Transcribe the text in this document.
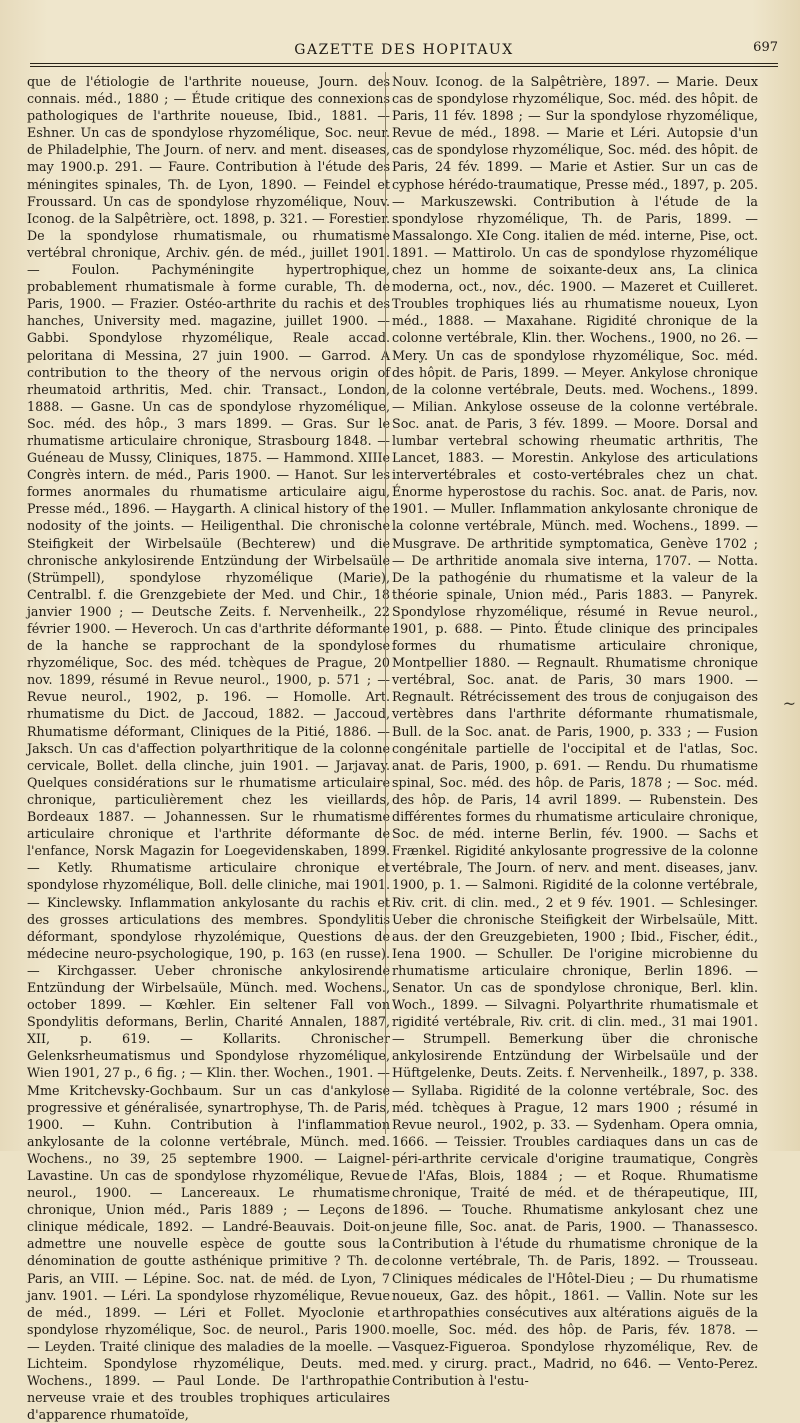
GAZETTE DES HOPITAUX	697

que de l'étiologie de l'arthrite noueuse, Journ. des connais. méd., 1880 ; — Étude critique des connexions pathologiques de l'arthrite noueuse, Ibid., 1881. — Eshner. Un cas de spondylose rhyzomélique, Soc. neur. de Philadelphie, The Journ. of nerv. and ment. diseases, may 1900.p. 291. — Faure. Contribution à l'étude des méningites spinales, Th. de Lyon, 1890. — Feindel et Froussard. Un cas de spondylose rhyzomélique, Nouv. Iconog. de la Salpêtrière, oct. 1898, p. 321. — Forestier. De la spondylose rhumatismale, ou rhumatisme vertébral chronique, Archiv. gén. de méd., juillet 1901. — Foulon. Pachyméningite hypertrophique, probablement rhumatismale à forme curable, Th. de Paris, 1900. — Frazier. Ostéo-arthrite du rachis et des hanches, University med. magazine, juillet 1900. — Gabbi. Spondylose rhyzomélique, Reale accad. peloritana di Messina, 27 juin 1900. — Garrod. A contribution to the theory of the nervous origin of rheumatoid arthritis, Med. chir. Transact., London, 1888. — Gasne. Un cas de spondylose rhyzomélique, Soc. méd. des hôp., 3 mars 1899. — Gras. Sur le rhumatisme articulaire chronique, Strasbourg 1848. — Guéneau de Mussy, Cliniques, 1875. — Hammond. XIIIe Congrès intern. de méd., Paris 1900. — Hanot. Sur les formes anormales du rhumatisme articulaire aigu, Presse méd., 1896. — Haygarth. A clinical history of the nodosity of the joints. — Heiligenthal. Die chronische Steifigkeit der Wirbelsaüle (Bechterew) und die chronische ankylosirende Entzündung der Wirbelsaüle (Strümpell), spondylose rhyzomélique (Marie), Centralbl. f. die Grenzgebiete der Med. und Chir., 18 janvier 1900 ; — Deutsche Zeits. f. Nervenheilk., 22 février 1900. — Heveroch. Un cas d'arthrite déformante de la hanche se rapprochant de la spondylose rhyzomélique, Soc. des méd. tchèques de Prague, 20 nov. 1899, résumé in Revue neurol., 1900, p. 571 ; — Revue neurol., 1902, p. 196. — Homolle. Art. rhumatisme du Dict. de Jaccoud, 1882. — Jaccoud, Rhumatisme déformant, Cliniques de la Pitié, 1886. — Jaksch. Un cas d'affection polyarthritique de la colonne cervicale, Bollet. della clinche, juin 1901. — Jarjavay. Quelques considérations sur le rhumatisme articulaire chronique, particulièrement chez les vieillards, Bordeaux 1887. — Johannessen. Sur le rhumatisme articulaire chronique et l'arthrite déformante de l'enfance, Norsk Magazin for Loegevidenskaben, 1899. — Ketly. Rhumatisme articulaire chronique et spondylose rhyzomélique, Boll. delle cliniche, mai 1901. — Kinclewsky. Inflammation ankylosante du rachis et des grosses articulations des membres. Spondylitis déformant, spondylose rhyzolémique, Questions de médecine neuro-psychologique, 190, p. 163 (en russe). — Kirchgasser. Ueber chronische ankylosirende Entzündung der Wirbelsaüle, Münch. med. Wochens., october 1899. — Kœhler. Ein seltener Fall von Spondylitis deformans, Berlin, Charité Annalen, 1887, XII, p. 619. — Kollarits. Chronischer Gelenksrheumatismus und Spondylose rhyzomélique, Wien 1901, 27 p., 6 fig. ; — Klin. ther. Wochen., 1901. — Mme Kritchevsky-Gochbaum. Sur un cas d'ankylose progressive et généralisée, synartrophyse, Th. de Paris, 1900. — Kuhn. Contribution à l'inflammation ankylosante de la colonne vertébrale, Münch. med. Wochens., no 39, 25 septembre 1900. — Laignel-Lavastine. Un cas de spondylose rhyzomélique, Revue neurol., 1900. — Lancereaux. Le rhumatisme chronique, Union méd., Paris 1889 ; — Leçons de clinique médicale, 1892. — Landré-Beauvais. Doit-on admettre une nouvelle espèce de goutte sous la dénomination de goutte asthénique primitive ? Th. de Paris, an VIII. — Lépine. Soc. nat. de méd. de Lyon, 7 janv. 1901. — Léri. La spondylose rhyzomélique, Revue de méd., 1899. — Léri et Follet. Myoclonie et spondylose rhyzomélique, Soc. de neurol., Paris 1900. — Leyden. Traité clinique des maladies de la moelle. — Lichteim. Spondylose rhyzomélique, Deuts. med. Wochens., 1899. — Paul Londe. De l'arthropathie nerveuse vraie et des troubles trophiques articulaires d'apparence rhumatoïde,

Nouv. Iconog. de la Salpêtrière, 1897. — Marie. Deux cas de spondylose rhyzomélique, Soc. méd. des hôpit. de Paris, 11 fév. 1898 ; — Sur la spondylose rhyzomélique, Revue de méd., 1898. — Marie et Léri. Autopsie d'un cas de spondylose rhyzomélique, Soc. méd. des hôpit. de Paris, 24 fév. 1899. — Marie et Astier. Sur un cas de cyphose hérédo-traumatique, Presse méd., 1897, p. 205. — Markuszewski. Contribution à l'étude de la spondylose rhyzomélique, Th. de Paris, 1899. — Massalongo. XIe Cong. italien de méd. interne, Pise, oct. 1891. — Mattirolo. Un cas de spondylose rhyzomélique chez un homme de soixante-deux ans, La clinica moderna, oct., nov., déc. 1900. — Mazeret et Cuilleret. Troubles trophiques liés au rhumatisme noueux, Lyon méd., 1888. — Maxahane. Rigidité chronique de la colonne vertébrale, Klin. ther. Wochens., 1900, no 26. — Mery. Un cas de spondylose rhyzomélique, Soc. méd. des hôpit. de Paris, 1899. — Meyer. Ankylose chronique de la colonne vertébrale, Deuts. med. Wochens., 1899. — Milian. Ankylose osseuse de la colonne vertébrale. Soc. anat. de Paris, 3 fév. 1899. — Moore. Dorsal and lumbar vertebral schowing rheumatic arthritis, The Lancet, 1883. — Morestin. Ankylose des articulations intervertébrales et costo-vertébrales chez un chat. Énorme hyperostose du rachis. Soc. anat. de Paris, nov. 1901. — Muller. Inflammation ankylosante chronique de la colonne vertébrale, Münch. med. Wochens., 1899. — Musgrave. De arthritide symptomatica, Genève 1702 ; — De arthritide anomala sive interna, 1707. — Notta. De la pathogénie du rhumatisme et la valeur de la théorie spinale, Union méd., Paris 1883. — Panyrek. Spondylose rhyzomélique, résumé in Revue neurol., 1901, p. 688. — Pinto. Étude clinique des principales formes du rhumatisme articulaire chronique, Montpellier 1880. — Regnault. Rhumatisme chronique vertébral, Soc. anat. de Paris, 30 mars 1900. — Regnault. Rétrécissement des trous de conjugaison des vertèbres dans l'arthrite déformante rhumatismale, Bull. de la Soc. anat. de Paris, 1900, p. 333 ; — Fusion congénitale partielle de l'occipital et de l'atlas, Soc. anat. de Paris, 1900, p. 691. — Rendu. Du rhumatisme spinal, Soc. méd. des hôp. de Paris, 1878 ; — Soc. méd. des hôp. de Paris, 14 avril 1899. — Rubenstein. Des différentes formes du rhumatisme articulaire chronique, Soc. de méd. interne Berlin, fév. 1900. — Sachs et Frænkel. Rigidité ankylosante progressive de la colonne vertébrale, The Journ. of nerv. and ment. diseases, janv. 1900, p. 1. — Salmoni. Rigidité de la colonne vertébrale, Riv. crit. di clin. med., 2 et 9 fév. 1901. — Schlesinger. Ueber die chronische Steifigkeit der Wirbelsaüle, Mitt. aus. der den Greuzgebieten, 1900 ; Ibid., Fischer, édit., Iena 1900. — Schuller. De l'origine microbienne du rhumatisme articulaire chronique, Berlin 1896. — Senator. Un cas de spondylose chronique, Berl. klin. Woch., 1899. — Silvagni. Polyarthrite rhumatismale et rigidité vertébrale, Riv. crit. di clin. med., 31 mai 1901. — Strumpell. Bemerkung über die chronische ankylosirende Entzündung der Wirbelsaüle und der Hüftgelenke, Deuts. Zeits. f. Nervenheilk., 1897, p. 338. — Syllaba. Rigidité de la colonne vertébrale, Soc. des méd. tchèques à Prague, 12 mars 1900 ; résumé in Revue neurol., 1902, p. 33. — Sydenham. Opera omnia, 1666. — Teissier. Troubles cardiaques dans un cas de péri-arthrite cervicale d'origine traumatique, Congrès de l'Afas, Blois, 1884 ; — et Roque. Rhumatisme chronique, Traité de méd. et de thérapeutique, III, 1896. — Touche. Rhumatisme ankylosant chez une jeune fille, Soc. anat. de Paris, 1900. — Thanassesco. Contribution à l'étude du rhumatisme chronique de la colonne vertébrale, Th. de Paris, 1892. — Trousseau. Cliniques médicales de l'Hôtel-Dieu ; — Du rhumatisme noueux, Gaz. des hôpit., 1861. — Vallin. Note sur les arthropathies consécutives aux altérations aiguës de la moelle, Soc. méd. des hôp. de Paris, fév. 1878. — Vasquez-Figueroa. Spondylose rhyzomélique, Rev. de med. y cirurg. pract., Madrid, no 646. — Vento-Perez. Contribution à l'estu-

~
